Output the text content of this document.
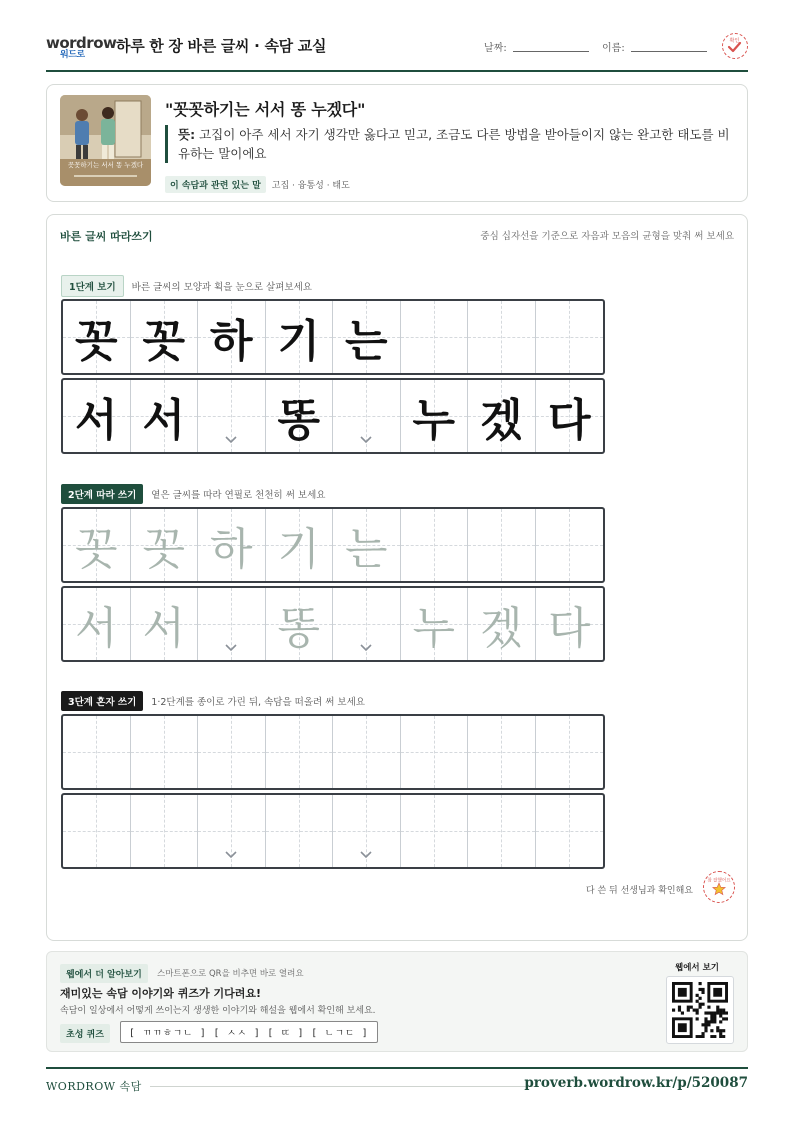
wordrow
워드로	하루 한 장 바른 글씨 · 속담 교실	날짜:	이름:
확인
꼿꼿하기는 서서 똥 누겠다
"꼿꼿하기는 서서 똥 누겠다"
뜻: 고집이 아주 세서 자기 생각만 옳다고 믿고, 조금도 다른 방법을 받아들이지 않는 완고한 태도를 비유하는 말이에요
이 속담과 관련 있는 말	고집 · 융통성 · 태도
바른 글씨 따라쓰기	중심 십자선을 기준으로 자음과 모음의 균형을 맞춰 써 보세요
1단계 보기	바른 글씨의 모양과 획을 눈으로 살펴보세요
꼿 꼿 하 기 는
서 서 똥 누 겠 다
2단계 따라 쓰기	옅은 글씨를 따라 연필로 천천히 써 보세요
꼿 꼿 하 기 는
서 서 똥 누 겠 다
3단계 혼자 쓰기	1·2단계를 종이로 가린 뒤, 속담을 떠올려 써 보세요
다 쓴 뒤 선생님과 확인해요
참 잘했어요
웹에서 더 알아보기	스마트폰으로 QR을 비추면 바로 열려요
재미있는 속담 이야기와 퀴즈가 기다려요!
속담이 일상에서 어떻게 쓰이는지 생생한 이야기와 해설을 웹에서 확인해 보세요.
초성 퀴즈	[ ㄲㄲㅎㄱㄴ ] [ ㅅㅅ ] [ ㄸ ] [ ㄴㄱㄷ ]
웹에서 보기
WORDROW 속담	proverb.wordrow.kr/p/520087
